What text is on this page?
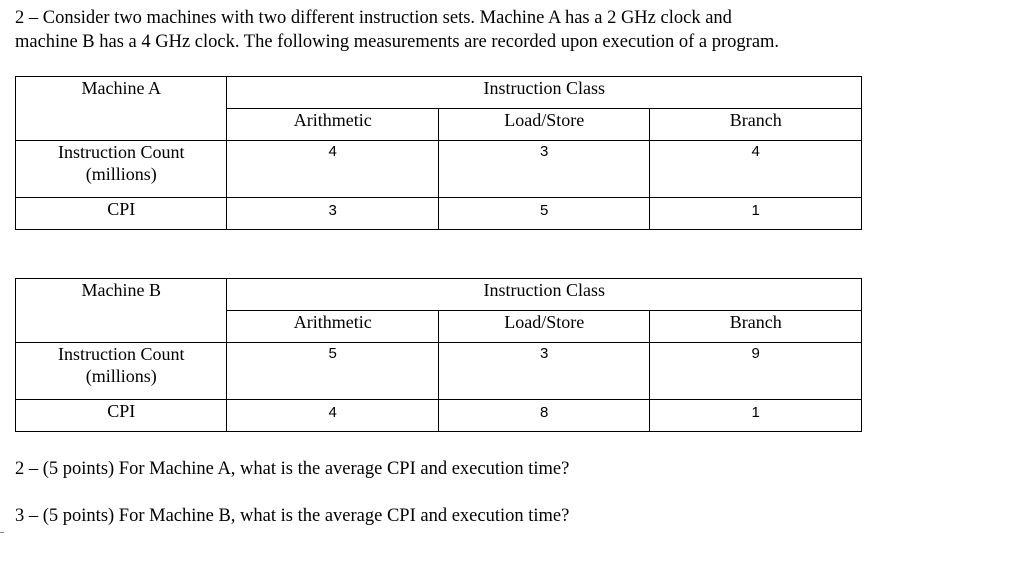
2 – Consider two machines with two different instruction sets. Machine A has a 2 GHz clock and

machine B has a 4 GHz clock. The following measurements are recorded upon execution of a program.

Machine A	Instruction Class		
	Arithmetic	Load/Store	Branch

Instruction Count
(millions)	4	3	4
CPI	3	5	1
Machine B	Instruction Class		
	Arithmetic	Load/Store	Branch

Instruction Count
(millions)	5	3	9
CPI	4	8	1

2 – (5 points) For Machine A, what is the average CPI and execution time?

3 – (5 points) For Machine B, what is the average CPI and execution time?
